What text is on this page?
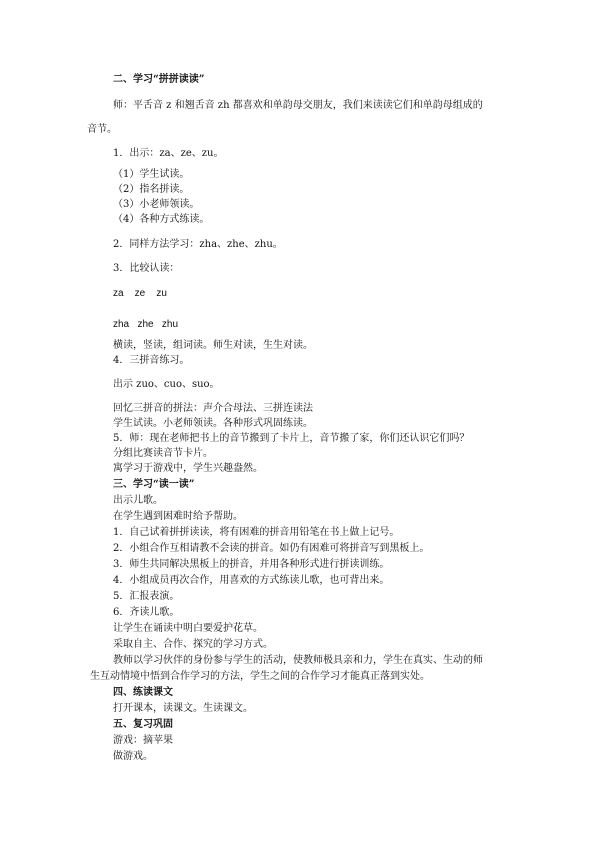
二、学习“拼拼读读”
师：平舌音 z 和翘舌音 zh 都喜欢和单韵母交朋友，我们来读读它们和单韵母组成的
音节。
1．出示：za、ze、zu。
（1）学生试读。
（2）指名拼读。
（3）小老师领读。
（4）各种方式练读。
2．同样方法学习：zha、zhe、zhu。
3．比较认读：
za    ze    zu
zha   zhe   zhu
横读，竖读，组词读。师生对读，生生对读。
4．三拼音练习。
出示 zuo、cuo、suo。
回忆三拼音的拼法：声介合母法、三拼连读法
学生试读。小老师领读。各种形式巩固练读。
5．师：现在老师把书上的音节搬到了卡片上，音节搬了家，你们还认识它们吗？
分组比赛读音节卡片。
寓学习于游戏中，学生兴趣盎然。
三、学习“读一读”
出示儿歌。
在学生遇到困难时给予帮助。
1．自己试着拼拼读读，将有困难的拼音用铅笔在书上做上记号。
2．小组合作互相请教不会读的拼音。如仍有困难可将拼音写到黑板上。
3．师生共同解决黑板上的拼音，并用各种形式进行拼读训练。
4．小组成员再次合作，用喜欢的方式练读儿歌，也可背出来。
5．汇报表演。
6．齐读儿歌。
让学生在诵读中明白要爱护花草。
采取自主、合作、探究的学习方式。
教师以学习伙伴的身份参与学生的活动，使教师极具亲和力，学生在真实、生动的师
生互动情境中悟到合作学习的方法，学生之间的合作学习才能真正落到实处。
四、练读课文
打开课本，读课文。生读课文。
五、复习巩固
游戏：摘苹果
做游戏。
